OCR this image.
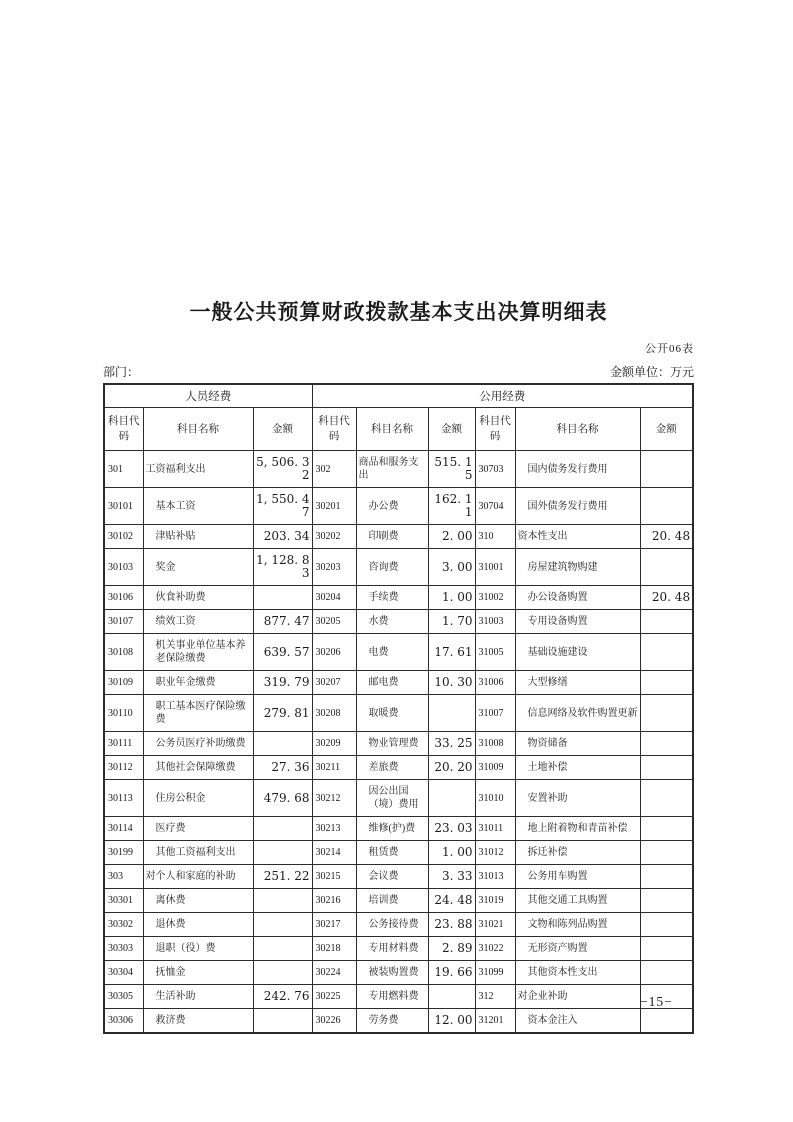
一般公共预算财政拨款基本支出决算明细表
公开06表
部门：	金额单位：万元
人员经费			公用经费					
科目代码	科目名称	金额	科目代码	科目名称	金额	科目代码	科目名称	金额
301	工资福利支出	5, 506. 32	302	商品和服务支出	515. 15	30703	国内债务发行费用	
30101	基本工资	1, 550. 47	30201	办公费	162. 11	30704	国外债务发行费用	
30102	津贴补贴	203. 34	30202	印刷费	2. 00	310	资本性支出	20. 48
30103	奖金	1, 128. 83	30203	咨询费	3. 00	31001	房屋建筑物购建	
30106	伙食补助费		30204	手续费	1. 00	31002	办公设备购置	20. 48
30107	绩效工资	877. 47	30205	水费	1. 70	31003	专用设备购置	
30108	机关事业单位基本养老保险缴费	639. 57	30206	电费	17. 61	31005	基础设施建设	
30109	职业年金缴费	319. 79	30207	邮电费	10. 30	31006	大型修缮	
30110	职工基本医疗保险缴费	279. 81	30208	取暖费		31007	信息网络及软件购置更新	
30111	公务员医疗补助缴费		30209	物业管理费	33. 25	31008	物资储备	
30112	其他社会保障缴费	27. 36	30211	差旅费	20. 20	31009	土地补偿	
30113	住房公积金	479. 68	30212	因公出国（境）费用		31010	安置补助	
30114	医疗费		30213	维修(护)费	23. 03	31011	地上附着物和青苗补偿	
30199	其他工资福利支出		30214	租赁费	1. 00	31012	拆迁补偿	
303	对个人和家庭的补助	251. 22	30215	会议费	3. 33	31013	公务用车购置	
30301	离休费		30216	培训费	24. 48	31019	其他交通工具购置	
30302	退休费		30217	公务接待费	23. 88	31021	文物和陈列品购置	
30303	退职（役）费		30218	专用材料费	2. 89	31022	无形资产购置	
30304	抚恤金		30224	被装购置费	19. 66	31099	其他资本性支出	
30305	生活补助	242. 76	30225	专用燃料费		312	对企业补助	
30306	救济费		30226	劳务费	12. 00	31201	资本金注入	
−15−
